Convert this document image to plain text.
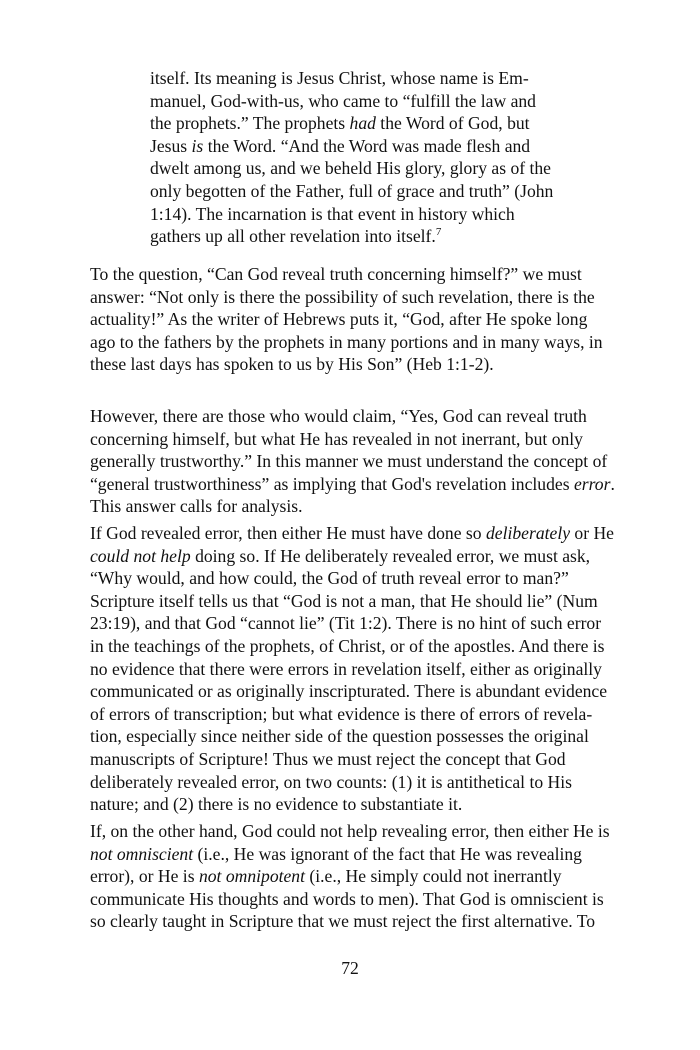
itself. Its meaning is Jesus Christ, whose name is Em-
manuel, God-with-us, who came to “fulfill the law and
the prophets.” The prophets had the Word of God, but
Jesus is the Word. “And the Word was made flesh and
dwelt among us, and we beheld His glory, glory as of the
only begotten of the Father, full of grace and truth” (John
1:14). The incarnation is that event in history which
gathers up all other revelation into itself.$^7$
To the question, “Can God reveal truth concerning himself?” we must
answer: “Not only is there the possibility of such revelation, there is the
actuality!” As the writer of Hebrews puts it, “God, after He spoke long
ago to the fathers by the prophets in many portions and in many ways, in
these last days has spoken to us by His Son” (Heb 1:1-2).
However, there are those who would claim, “Yes, God can reveal truth
concerning himself, but what He has revealed in not inerrant, but only
generally trustworthy.” In this manner we must understand the concept of
“general trustworthiness” as implying that God's revelation includes error.
This answer calls for analysis.
If God revealed error, then either He must have done so deliberately or He
could not help doing so. If He deliberately revealed error, we must ask,
“Why would, and how could, the God of truth reveal error to man?”
Scripture itself tells us that “God is not a man, that He should lie” (Num
23:19), and that God “cannot lie” (Tit 1:2). There is no hint of such error
in the teachings of the prophets, of Christ, or of the apostles. And there is
no evidence that there were errors in revelation itself, either as originally
communicated or as originally inscripturated. There is abundant evidence
of errors of transcription; but what evidence is there of errors of revela-
tion, especially since neither side of the question possesses the original
manuscripts of Scripture! Thus we must reject the concept that God
deliberately revealed error, on two counts: (1) it is antithetical to His
nature; and (2) there is no evidence to substantiate it.
If, on the other hand, God could not help revealing error, then either He is
not omniscient (i.e., He was ignorant of the fact that He was revealing
error), or He is not omnipotent (i.e., He simply could not inerrantly
communicate His thoughts and words to men). That God is omniscient is
so clearly taught in Scripture that we must reject the first alternative. To
72
